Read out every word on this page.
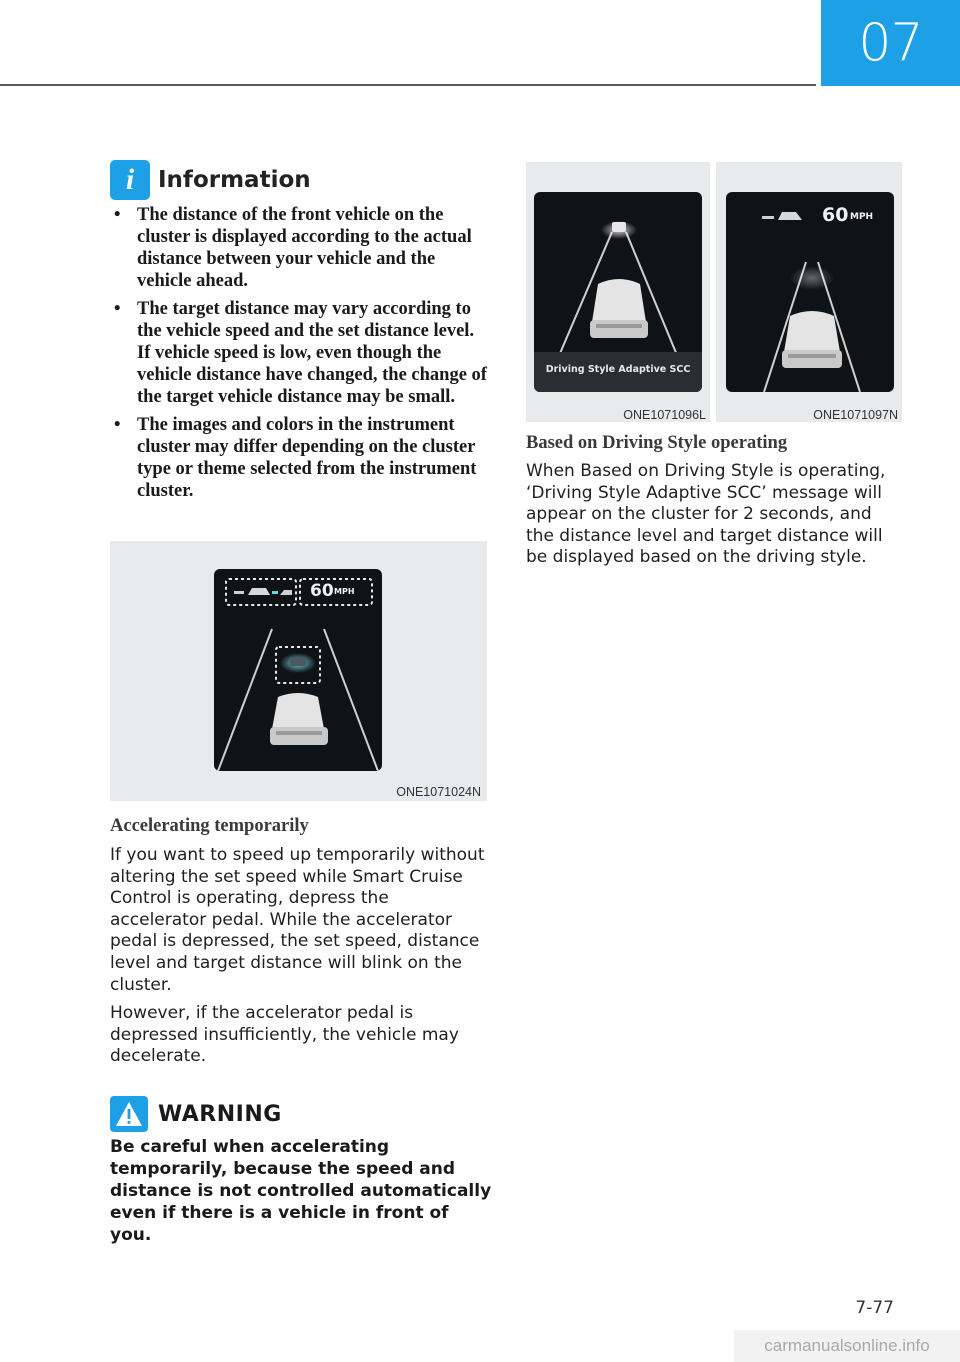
07
i	Information
• The distance of the front vehicle on the cluster is displayed according to the actual distance between your vehicle and the vehicle ahead.
• The target distance may vary according to the vehicle speed and the set distance level. If vehicle speed is low, even though the vehicle distance have changed, the change of the target vehicle distance may be small.
• The images and colors in the instrument cluster may differ depending on the cluster type or theme selected from the instrument cluster.
60 MPH
ONE1071024N
Accelerating temporarily

If you want to speed up temporarily without altering the set speed while Smart Cruise Control is operating, depress the accelerator pedal. While the accelerator pedal is depressed, the set speed, distance level and target distance will blink on the cluster.

However, if the accelerator pedal is depressed insufficiently, the vehicle may decelerate.

WARNING

Be careful when accelerating temporarily, because the speed and distance is not controlled automatically even if there is a vehicle in front of you.

Driving Style Adaptive SCC
ONE1071096L
60 MPH
ONE1071097N
Based on Driving Style operating

When Based on Driving Style is operating, ‘Driving Style Adaptive SCC’ message will appear on the cluster for 2 seconds, and the distance level and target distance will be displayed based on the driving style.

7-77
carmanualsonline.info
